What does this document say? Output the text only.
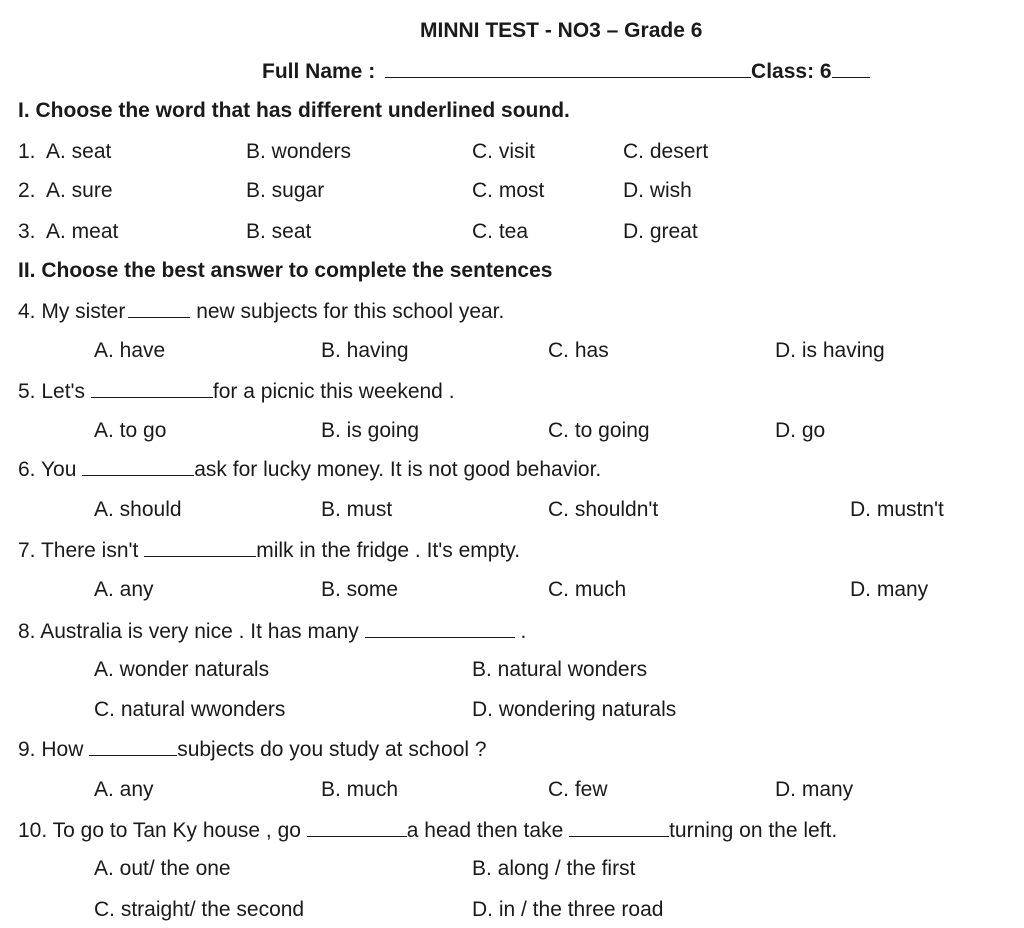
MINNI TEST - NO3 – Grade 6
Full Name :	Class: 6
I. Choose the word that has different underlined sound.
1. A. seat	B. wonders	C. visit	C. desert
2. A. sure	B. sugar	C. most	D. wish
3. A. meat	B. seat	C. tea	D. great
II. Choose the best answer to complete the sentences
4. My sister	new subjects for this school year.
A. have	B. having	C. has	D. is having
5. Let's	for a picnic this weekend .
A. to go	B. is going	C. to going	D. go
6. You	ask for lucky money. It is not good behavior.
A. should	B. must	C. shouldn't	D. mustn't
7. There isn't	milk in the fridge . It's empty.
A. any	B. some	C. much	D. many
8. Australia is very nice . It has many	.
A. wonder naturals	B. natural wonders
C. natural wwonders	D. wondering naturals
9. How	subjects do you study at school ?
A. any	B. much	C. few	D. many
10. To go to Tan Ky house , go	a head then take	turning on the left.
A. out/ the one	B. along / the first
C. straight/ the second	D. in / the three road
